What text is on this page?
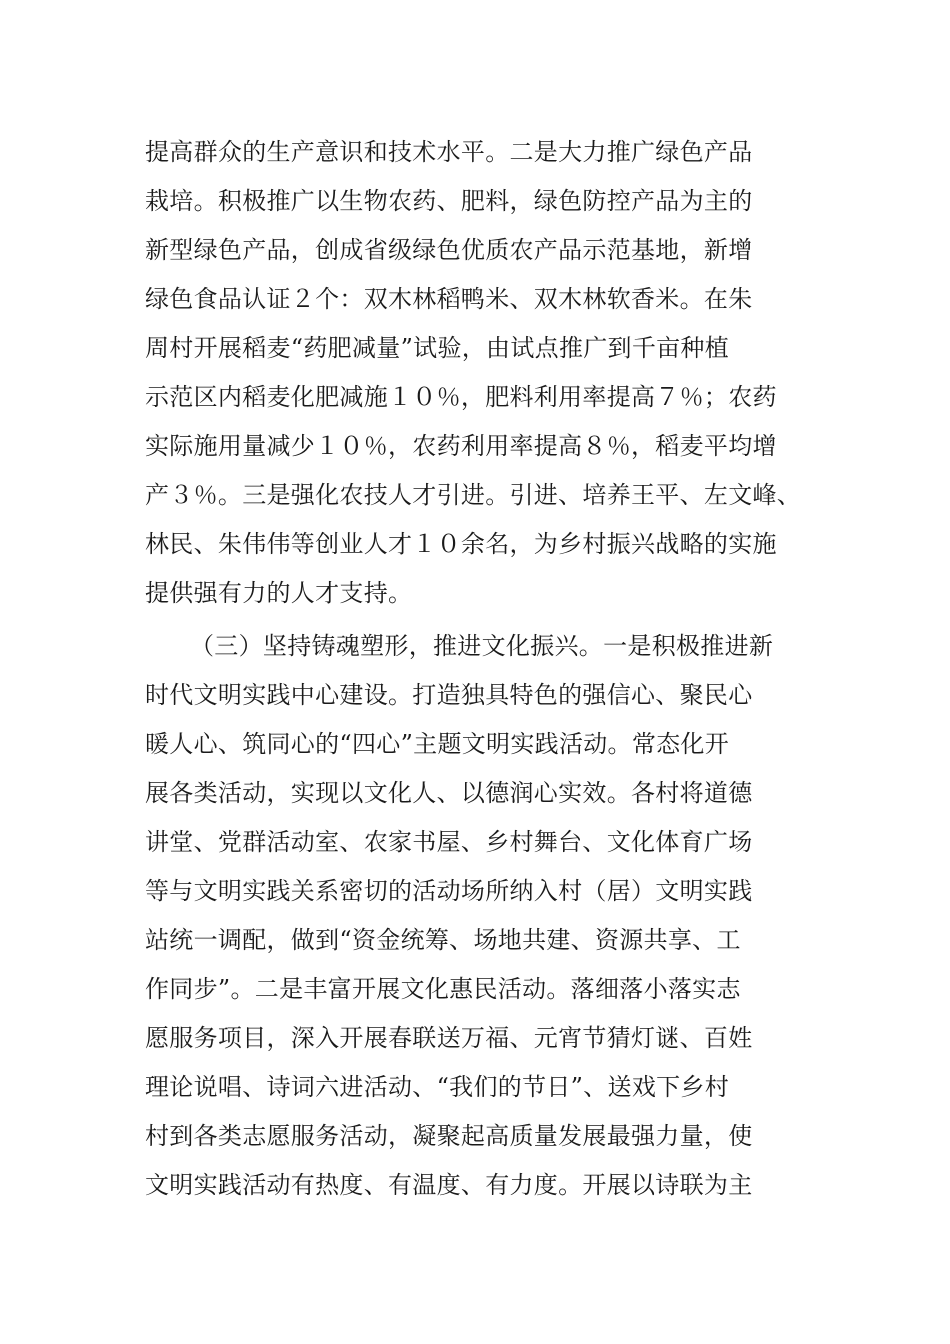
提高群众的生产意识和技术水平。二是大力推广绿色产品
栽培。积极推广以生物农药、肥料，绿色防控产品为主的
新型绿色产品，创成省级绿色优质农产品示范基地，新增
绿色食品认证２个：双木林稻鸭米、双木林软香米。在朱
周村开展稻麦“药肥减量”试验，由试点推广到千亩种植
示范区内稻麦化肥减施１０％，肥料利用率提高７％；农药
实际施用量减少１０％，农药利用率提高８％，稻麦平均增
产３％。三是强化农技人才引进。引进、培养王平、左文峰、
林民、朱伟伟等创业人才１０余名，为乡村振兴战略的实施
提供强有力的人才支持。
（三）坚持铸魂塑形，推进文化振兴。一是积极推进新
时代文明实践中心建设。打造独具特色的强信心、聚民心
暖人心、筑同心的“四心”主题文明实践活动。常态化开
展各类活动，实现以文化人、以德润心实效。各村将道德
讲堂、党群活动室、农家书屋、乡村舞台、文化体育广场
等与文明实践关系密切的活动场所纳入村（居）文明实践
站统一调配，做到“资金统筹、场地共建、资源共享、工
作同步”。二是丰富开展文化惠民活动。落细落小落实志
愿服务项目，深入开展春联送万福、元宵节猜灯谜、百姓
理论说唱、诗词六进活动、“我们的节日”、送戏下乡村
村到各类志愿服务活动，凝聚起高质量发展最强力量，使
文明实践活动有热度、有温度、有力度。开展以诗联为主
